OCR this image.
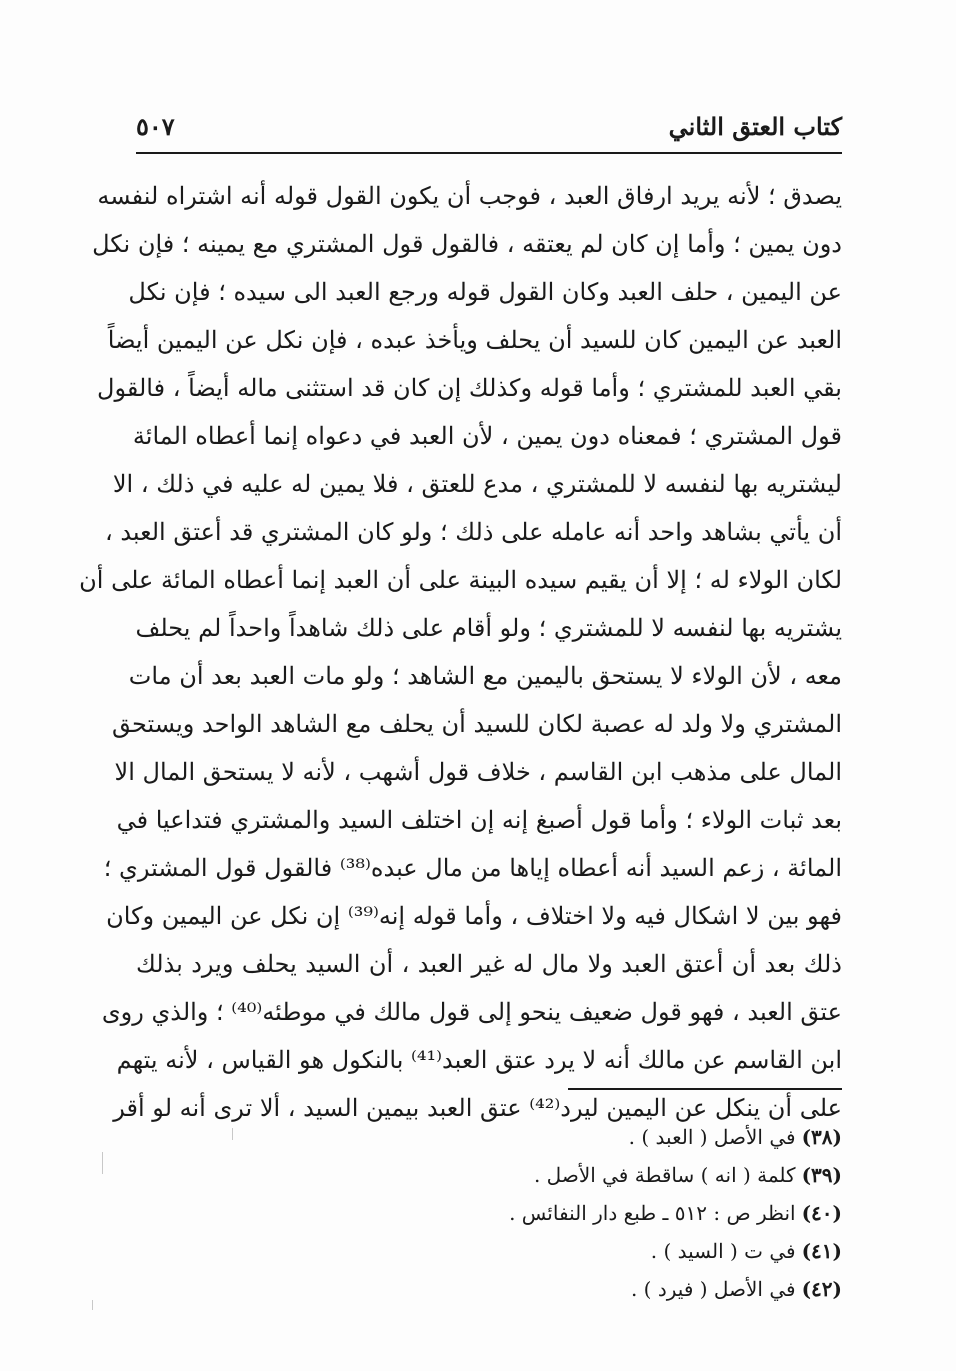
كتاب العتق الثاني
٥٠٧
يصدق ؛ لأنه يريد ارفاق العبد ، فوجب أن يكون القول قوله أنه اشتراه لنفسه
دون يمين ؛ وأما إن كان لم يعتقه ، فالقول قول المشتري مع يمينه ؛ فإن نكل
عن اليمين ، حلف العبد وكان القول قوله ورجع العبد الى سيده ؛ فإن نكل
العبد عن اليمين كان للسيد أن يحلف ويأخذ عبده ، فإن نكل عن اليمين أيضاً
بقي العبد للمشتري ؛ وأما قوله وكذلك إن كان قد استثنى ماله أيضاً ، فالقول
قول المشتري ؛ فمعناه دون يمين ، لأن العبد في دعواه إنما أعطاه المائة
ليشتريه بها لنفسه لا للمشتري ، مدع للعتق ، فلا يمين له عليه في ذلك ، الا
أن يأتي بشاهد واحد أنه عامله على ذلك ؛ ولو كان المشتري قد أعتق العبد ،
لكان الولاء له ؛ إلا أن يقيم سيده البينة على أن العبد إنما أعطاه المائة على أن
يشتريه بها لنفسه لا للمشتري ؛ ولو أقام على ذلك شاهداً واحداً لم يحلف
معه ، لأن الولاء لا يستحق باليمين مع الشاهد ؛ ولو مات العبد بعد أن مات
المشتري ولا ولد له عصبة لكان للسيد أن يحلف مع الشاهد الواحد ويستحق
المال على مذهب ابن القاسم ، خلاف قول أشهب ، لأنه لا يستحق المال الا
بعد ثبات الولاء ؛ وأما قول أصبغ إنه إن اختلف السيد والمشتري فتداعيا في
المائة ، زعم السيد أنه أعطاه إياها من مال عبده⁽³⁸⁾ فالقول قول المشتري ؛
فهو بين لا اشكال فيه ولا اختلاف ، وأما قوله إنه⁽³⁹⁾ إن نكل عن اليمين وكان
ذلك بعد أن أعتق العبد ولا مال له غير العبد ، أن السيد يحلف ويرد بذلك
عتق العبد ، فهو قول ضعيف ينحو إلى قول مالك في موطئه⁽⁴⁰⁾ ؛ والذي روى
ابن القاسم عن مالك أنه لا يرد عتق العبد⁽⁴¹⁾ بالنكول هو القياس ، لأنه يتهم
على أن ينكل عن اليمين ليرد⁽⁴²⁾ عتق العبد بيمين السيد ، ألا ترى أنه لو أقر
(٣٨)في الأصل ( العبد ) .
(٣٩)كلمة ( انه ) ساقطة في الأصل .
(٤٠)انظر ص : ٥١٢ ـ طبع دار النفائس .
(٤١)في ت ( السيد ) .
(٤٢)في الأصل ( فيرد ) .
